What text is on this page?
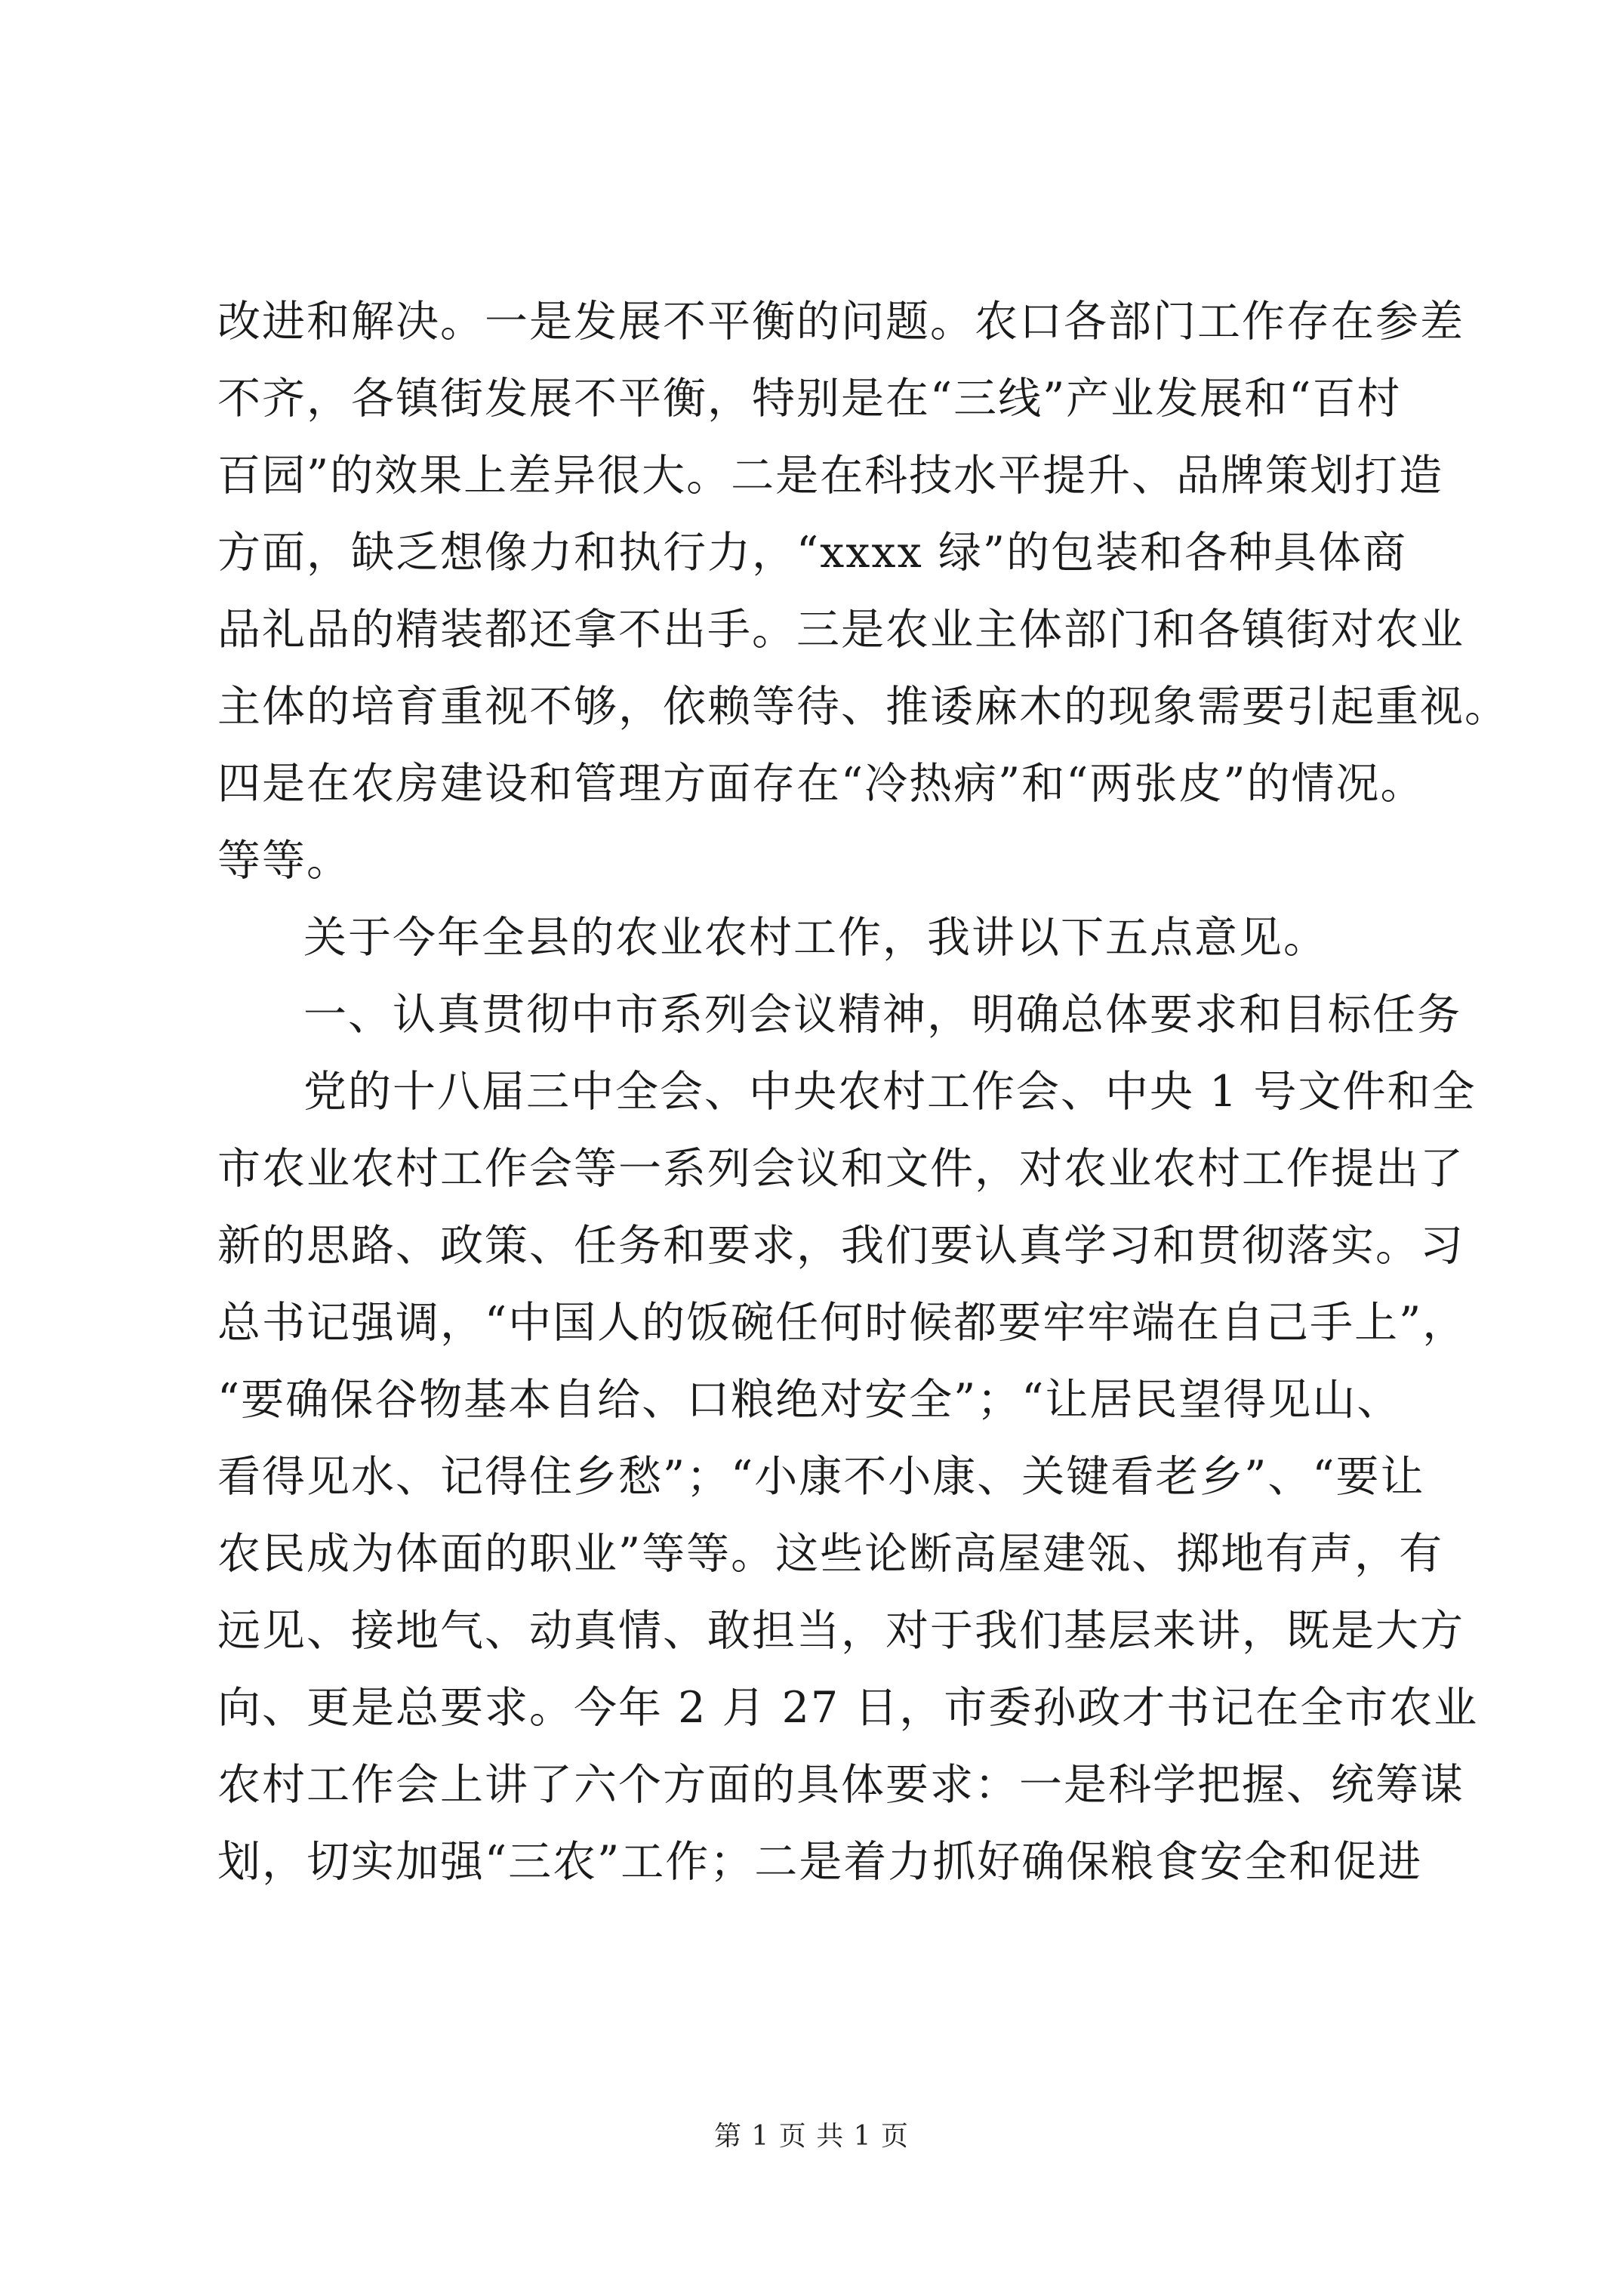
改进和解决。一是发展不平衡的问题。农口各部门工作存在参差
不齐，各镇街发展不平衡，特别是在“三线”产业发展和“百村
百园”的效果上差异很大。二是在科技水平提升、品牌策划打造
方面，缺乏想像力和执行力，“xxxx 绿”的包装和各种具体商
品礼品的精装都还拿不出手。三是农业主体部门和各镇街对农业
主体的培育重视不够，依赖等待、推诿麻木的现象需要引起重视。
四是在农房建设和管理方面存在“冷热病”和“两张皮”的情况。
等等。
关于今年全县的农业农村工作，我讲以下五点意见。
一、认真贯彻中市系列会议精神，明确总体要求和目标任务
党的十八届三中全会、中央农村工作会、中央 1 号文件和全
市农业农村工作会等一系列会议和文件，对农业农村工作提出了
新的思路、政策、任务和要求，我们要认真学习和贯彻落实。习
总书记强调，“中国人的饭碗任何时候都要牢牢端在自己手上”，
“要确保谷物基本自给、口粮绝对安全”；“让居民望得见山、
看得见水、记得住乡愁”；“小康不小康、关键看老乡”、“要让
农民成为体面的职业”等等。这些论断高屋建瓴、掷地有声，有
远见、接地气、动真情、敢担当，对于我们基层来讲，既是大方
向、更是总要求。今年 2 月 27 日，市委孙政才书记在全市农业
农村工作会上讲了六个方面的具体要求：一是科学把握、统筹谋
划，切实加强“三农”工作；二是着力抓好确保粮食安全和促进
第 1 页 共 1 页
